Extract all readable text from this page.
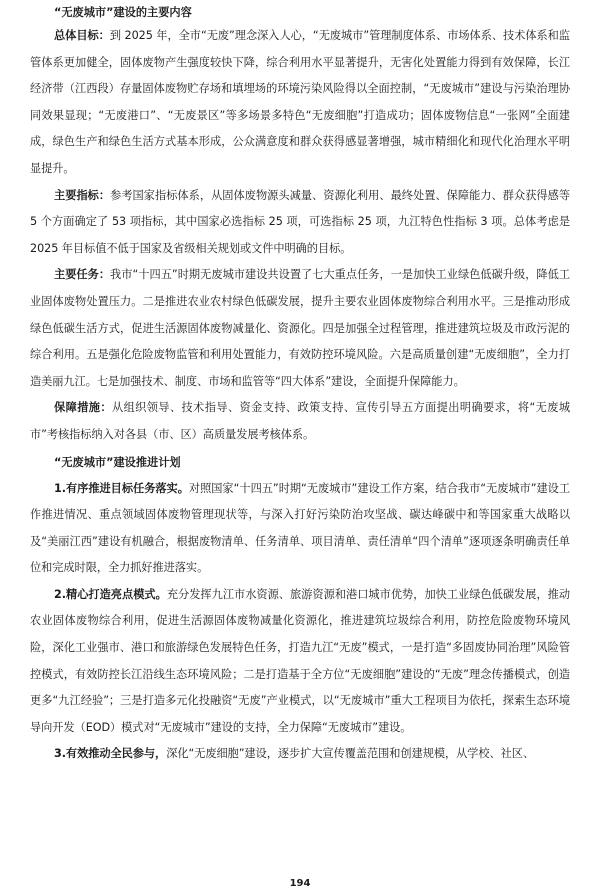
“无废城市”建设的主要内容

总体目标：到 2025 年，全市“无废”理念深入人心，“无废城市”管理制度体系、市场体系、技术体系和监管体系更加健全，固体废物产生强度较快下降，综合利用水平显著提升，无害化处置能力得到有效保障，长江经济带（江西段）存量固体废物贮存场和填埋场的环境污染风险得以全面控制，“无废城市”建设与污染治理协同效果显现；“无废港口”、“无废景区”等多场景多特色“无废细胞”打造成功；固体废物信息“一张网”全面建成，绿色生产和绿色生活方式基本形成，公众满意度和群众获得感显著增强，城市精细化和现代化治理水平明显提升。

主要指标：参考国家指标体系，从固体废物源头减量、资源化利用、最终处置、保障能力、群众获得感等 5 个方面确定了 53 项指标，其中国家必选指标 25 项，可选指标 25 项，九江特色性指标 3 项。总体考虑是 2025 年目标值不低于国家及省级相关规划或文件中明确的目标。

主要任务：我市“十四五”时期无废城市建设共设置了七大重点任务，一是加快工业绿色低碳升级，降低工业固体废物处置压力。二是推进农业农村绿色低碳发展，提升主要农业固体废物综合利用水平。三是推动形成绿色低碳生活方式，促进生活源固体废物减量化、资源化。四是加强全过程管理，推进建筑垃圾及市政污泥的综合利用。五是强化危险废物监管和利用处置能力，有效防控环境风险。六是高质量创建“无废细胞”，全力打造美丽九江。七是加强技术、制度、市场和监管等“四大体系”建设，全面提升保障能力。

保障措施：从组织领导、技术指导、资金支持、政策支持、宣传引导五方面提出明确要求，将“无废城市”考核指标纳入对各县（市、区）高质量发展考核体系。

“无废城市”建设推进计划

1.有序推进目标任务落实。对照国家“十四五”时期“无废城市”建设工作方案，结合我市“无废城市”建设工作推进情况、重点领域固体废物管理现状等，与深入打好污染防治攻坚战、碳达峰碳中和等国家重大战略以及“美丽江西”建设有机融合，根据废物清单、任务清单、项目清单、责任清单“四个清单”逐项逐条明确责任单位和完成时限，全力抓好推进落实。

2.精心打造亮点模式。充分发挥九江市水资源、旅游资源和港口城市优势，加快工业绿色低碳发展，推动农业固体废物综合利用，促进生活源固体废物减量化资源化，推进建筑垃圾综合利用，防控危险废物环境风险，深化工业强市、港口和旅游绿色发展特色任务，打造九江“无废”模式，一是打造“多固废协同治理”风险管控模式，有效防控长江沿线生态环境风险；二是打造基于全方位“无废细胞”建设的“无废”理念传播模式，创造更多“九江经验”；三是打造多元化投融资“无废”产业模式，以“无废城市”重大工程项目为依托，探索生态环境导向开发（EOD）模式对“无废城市”建设的支持，全力保障“无废城市”建设。

3.有效推动全民参与，深化“无废细胞”建设，逐步扩大宣传覆盖范围和创建规模，从学校、社区、

194
